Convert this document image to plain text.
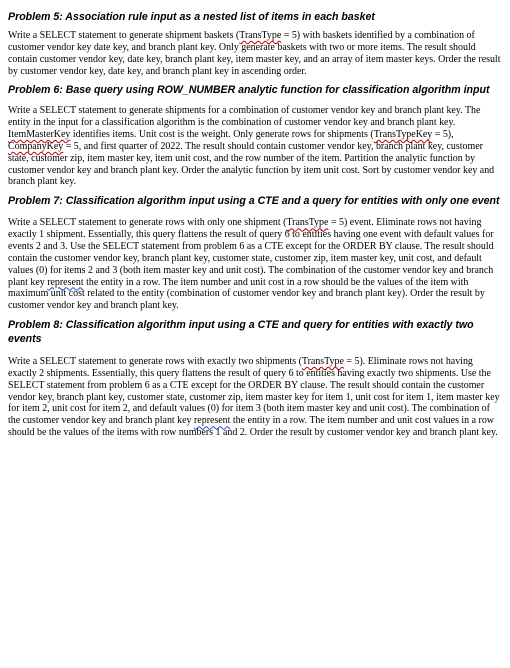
Problem 5: Association rule input as a nested list of items in each basket

Write a SELECT statement to generate shipment baskets (TransType = 5) with baskets identified by a combination of customer vendor key date key, and branch plant key. Only generate baskets with two or more items. The result should contain customer vendor key, date key, branch plant key, item master key, and an array of item master keys. Order the result by customer vendor key, date key, and branch plant key in ascending order.

Problem 6: Base query using ROW_NUMBER analytic function for classification algorithm input

Write a SELECT statement to generate shipments for a combination of customer vendor key and branch plant key. The entity in the input for a classification algorithm is the combination of customer vendor key and branch plant key. ItemMasterKey identifies items. Unit cost is the weight. Only generate rows for shipments (TransTypeKey = 5), CompanyKey = 5, and first quarter of 2022. The result should contain customer vendor key, branch plant key, customer state, customer zip, item master key, item unit cost, and the row number of the item. Partition the analytic function by customer vendor key and branch plant key. Order the analytic function by item unit cost. Sort by customer vendor key and branch plant key.

Problem 7: Classification algorithm input using a CTE and a query for entities with only one event

Write a SELECT statement to generate rows with only one shipment (TransType = 5) event. Eliminate rows not having exactly 1 shipment. Essentially, this query flattens the result of query 6 to entities having one event with default values for events 2 and 3. Use the SELECT statement from problem 6 as a CTE except for the ORDER BY clause. The result should contain the customer vendor key, branch plant key, customer state, customer zip, item master key, unit cost, and default values (0) for items 2 and 3 (both item master key and unit cost). The combination of the customer vendor key and branch plant key represent the entity in a row. The item number and unit cost in a row should be the values of the item with maximum unit cost related to the entity (combination of customer vendor key and branch plant key). Order the result by customer vendor key and branch plant key.

Problem 8: Classification algorithm input using a CTE and query for entities with exactly two events

Write a SELECT statement to generate rows with exactly two shipments (TransType = 5). Eliminate rows not having exactly 2 shipments. Essentially, this query flattens the result of query 6 to entities having exactly two shipments. Use the SELECT statement from problem 6 as a CTE except for the ORDER BY clause. The result should contain the customer vendor key, branch plant key, customer state, customer zip, item master key for item 1, unit cost for item 1, item master key for item 2, unit cost for item 2, and default values (0) for item 3 (both item master key and unit cost). The combination of the customer vendor key and branch plant key represent the entity in a row. The item number and unit cost values in a row should be the values of the items with row numbers 1 and 2. Order the result by customer vendor key and branch plant key.
